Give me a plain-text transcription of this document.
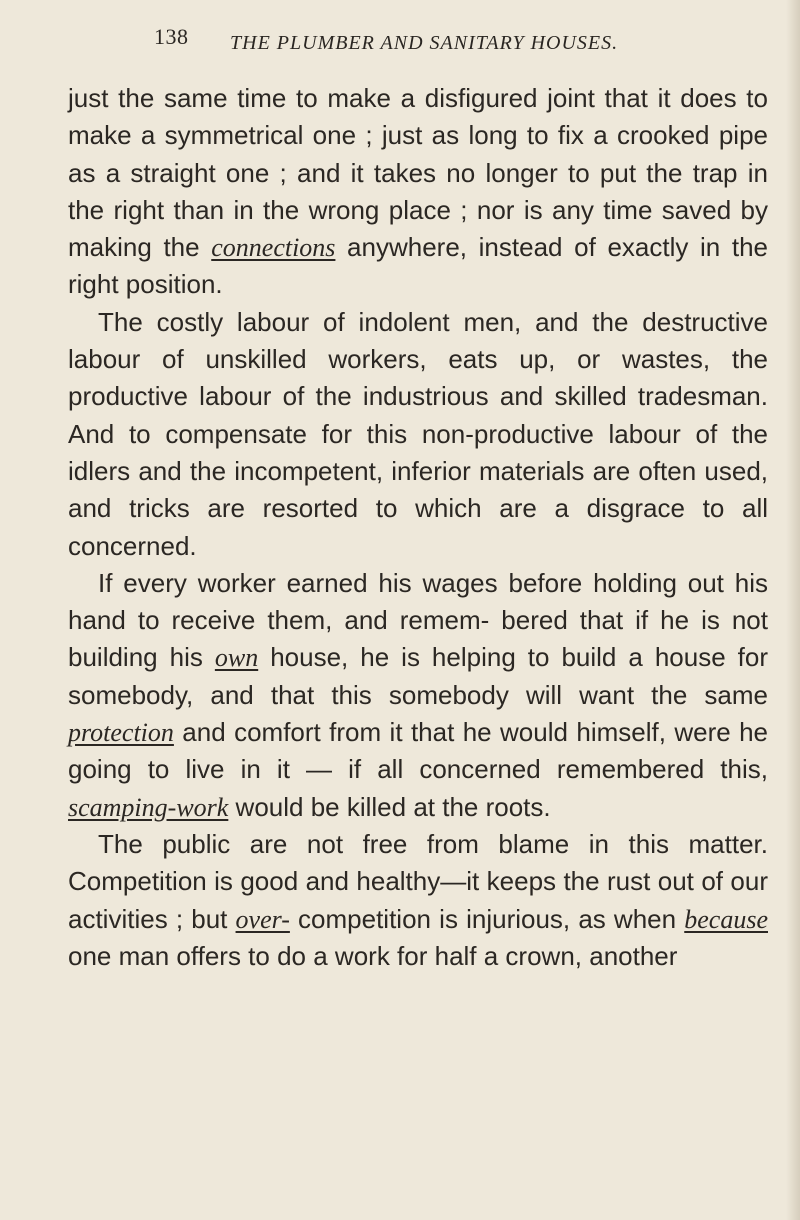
138 THE PLUMBER AND SANITARY HOUSES.

just the same time to make a disfigured joint that it does to make a symmetrical one ; just as long to fix a crooked pipe as a straight one ; and it takes no longer to put the trap in the right than in the wrong place ; nor is any time saved by making the connections anywhere, instead of exactly in the right position.

The costly labour of indolent men, and the destructive labour of unskilled workers, eats up, or wastes, the productive labour of the industrious and skilled tradesman. And to compensate for this non-productive labour of the idlers and the incompetent, inferior materials are often used, and tricks are resorted to which are a disgrace to all concerned.

If every worker earned his wages before holding out his hand to receive them, and remem- bered that if he is not building his own house, he is helping to build a house for somebody, and that this somebody will want the same protection and comfort from it that he would himself, were he going to live in it — if all concerned remembered this, scamping-work would be killed at the roots.

The public are not free from blame in this matter. Competition is good and healthy—it keeps the rust out of our activities ; but over- competition is injurious, as when because one man offers to do a work for half a crown, another
